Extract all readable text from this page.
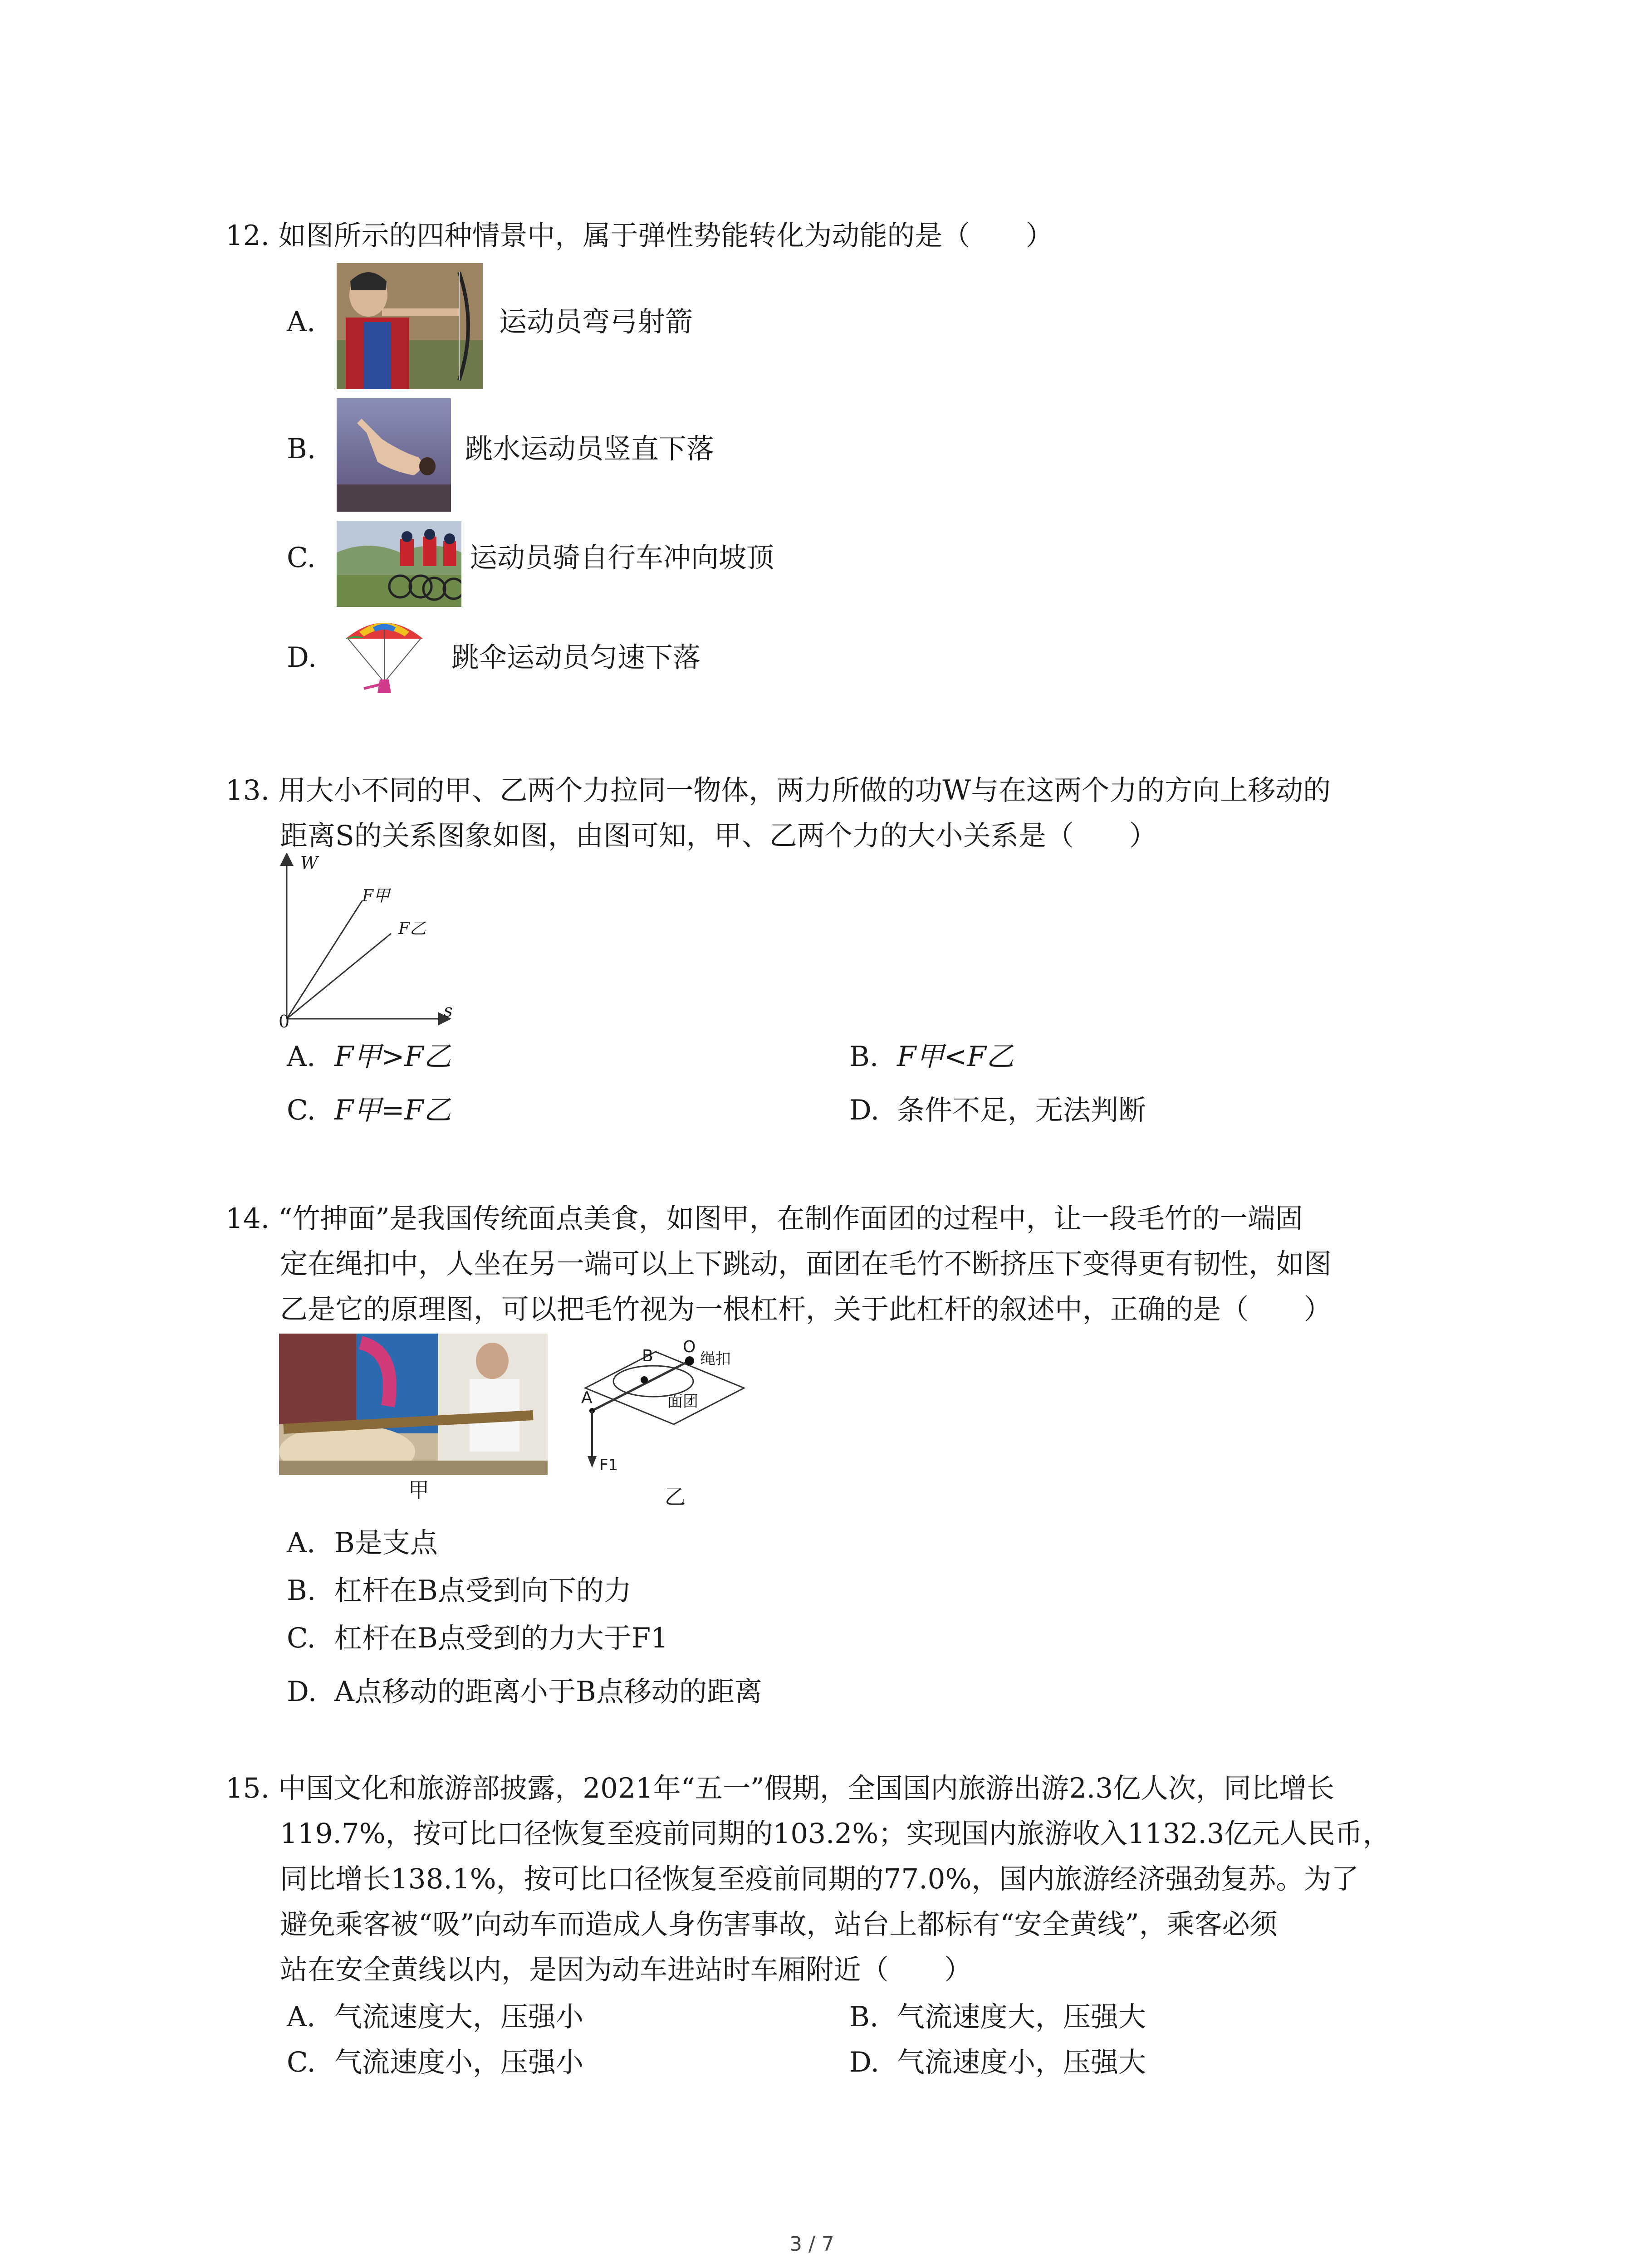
12. 如图所示的四种情景中，属于弹性势能转化为动能的是（　　）
A.	运动员弯弓射箭
B.	跳水运动员竖直下落
C.	运动员骑自行车冲向坡顶
D.	跳伞运动员匀速下落
13. 用大小不同的甲、乙两个力拉同一物体，两力所做的功W与在这两个力的方向上移动的
距离S的关系图象如图，由图可知，甲、乙两个力的大小关系是（　　）
W
s
0
F甲
F乙
A. F甲>F乙	B. F甲<F乙
C. F甲=F乙	D. 条件不足，无法判断
14. “竹抻面”是我国传统面点美食，如图甲，在制作面团的过程中，让一段毛竹的一端固
定在绳扣中，人坐在另一端可以上下跳动，面团在毛竹不断挤压下变得更有韧性，如图
乙是它的原理图，可以把毛竹视为一根杠杆，关于此杠杆的叙述中，正确的是（　　）
甲
B O
绳扣
面团
A
F1
乙
A. B是支点
B. 杠杆在B点受到向下的力
C. 杠杆在B点受到的力大于F1
D. A点移动的距离小于B点移动的距离
15. 中国文化和旅游部披露，2021年“五一”假期，全国国内旅游出游2.3亿人次，同比增长
119.7%，按可比口径恢复至疫前同期的103.2%；实现国内旅游收入1132.3亿元人民币，
同比增长138.1%，按可比口径恢复至疫前同期的77.0%，国内旅游经济强劲复苏。为了
避免乘客被“吸”向动车而造成人身伤害事故，站台上都标有“安全黄线”，乘客必须
站在安全黄线以内，是因为动车进站时车厢附近（　　）
A. 气流速度大，压强小	B. 气流速度大，压强大
C. 气流速度小，压强小	D. 气流速度小，压强大
3 / 7
